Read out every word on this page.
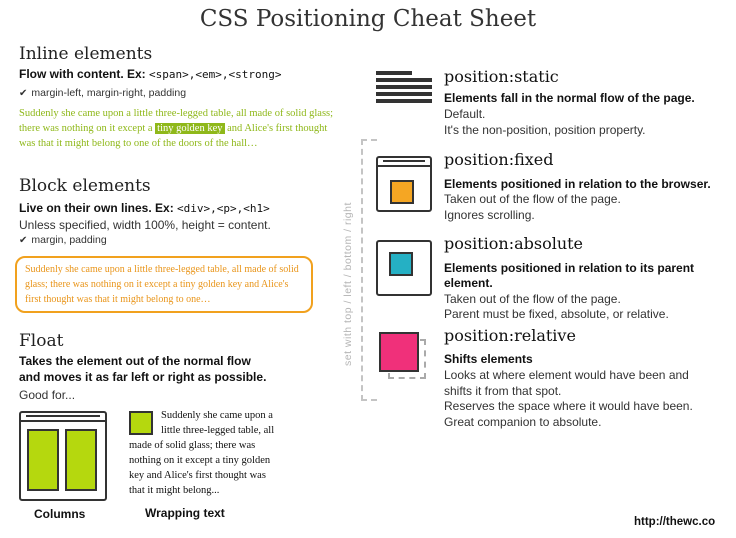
CSS Positioning Cheat Sheet
Inline elements
Flow with content. Ex: <span>,<em>,<strong>
✔ margin-left, margin-right, padding
Suddenly she came upon a little three-legged table, all made of solid glass; there was nothing on it except a tiny golden key and Alice's first thought was that it might belong to one of the doors of the hall…
Block elements
Live on their own lines. Ex: <div>,<p>,<h1>
Unless specified, width 100%, height = content.
✔ margin, padding
Suddenly she came upon a little three-legged table, all made of solid glass; there was nothing on it except a tiny golden key and Alice's first thought was that it might belong to one…
Float
Takes the element out of the normal flow
and moves it as far left or right as possible.
Good for...
Columns
Suddenly she came upon a little three-legged table, all made of solid glass; there was nothing on it except a tiny golden key and Alice's first thought was that it might belong...
Wrapping text
set with top / left / bottom / right
position:static
Elements fall in the normal flow of the page.
Default.
It's the non-position, position property.
position:fixed
Elements positioned in relation to the browser.
Taken out of the flow of the page.
Ignores scrolling.
position:absolute
Elements positioned in relation to its parent
element.
Taken out of the flow of the page.
Parent must be fixed, absolute, or relative.
position:relative
Shifts elements
Looks at where element would have been and
shifts it from that spot.
Reserves the space where it would have been.
Great companion to absolute.
http://thewc.co
